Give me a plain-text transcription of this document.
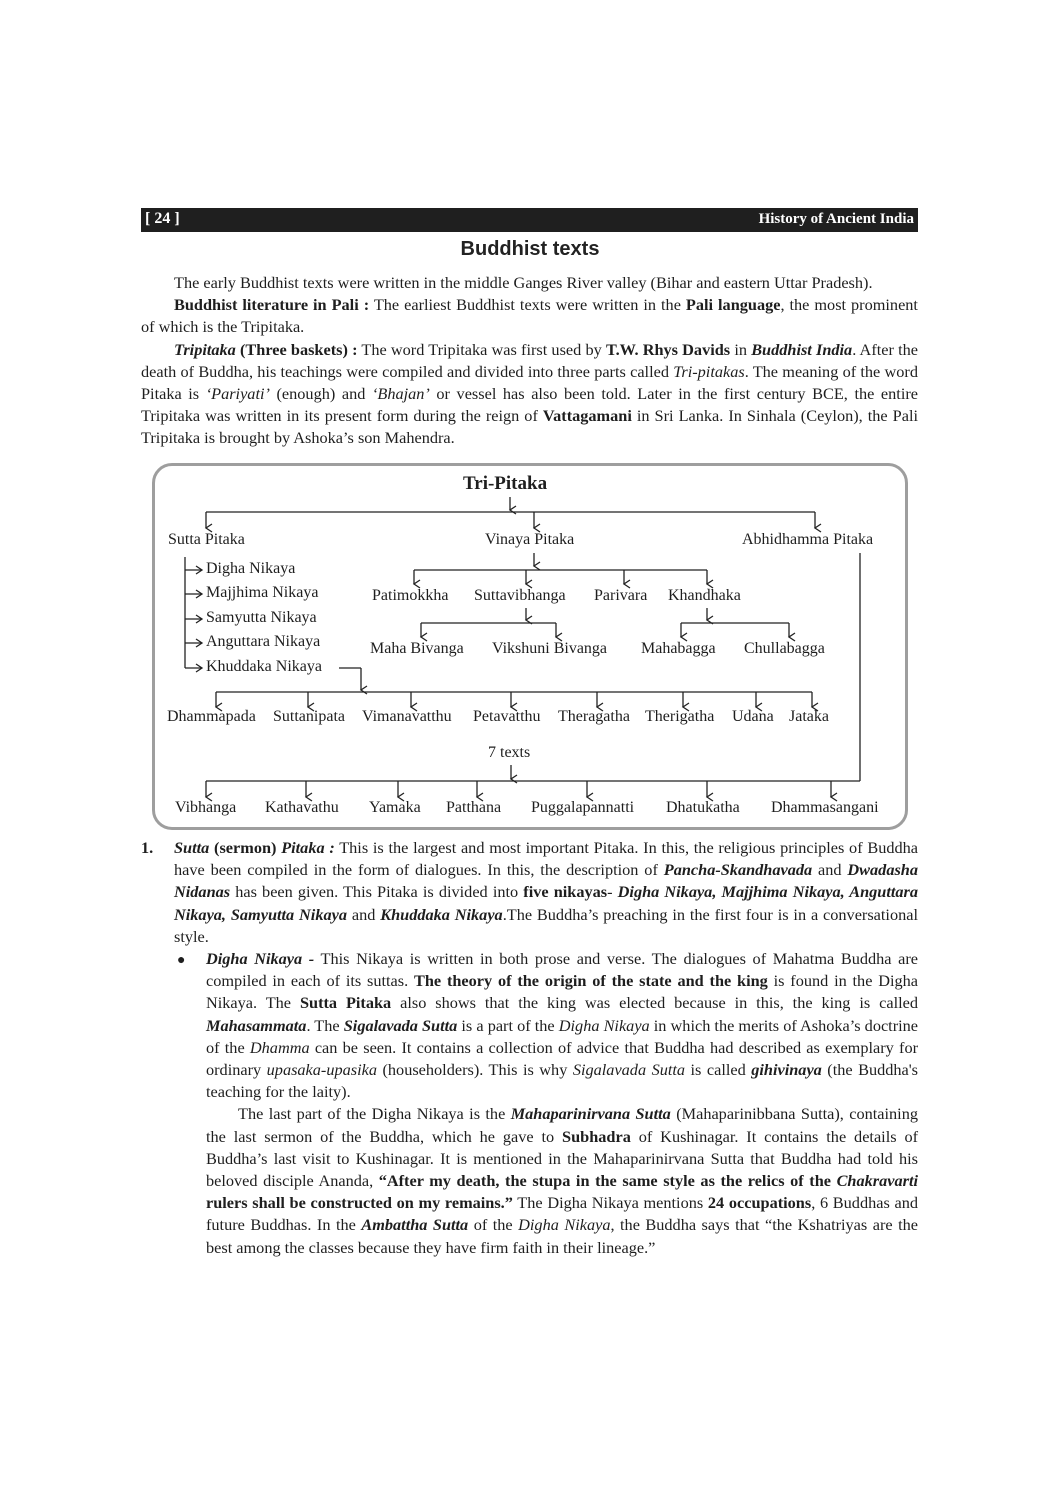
[ 24 ]	History of Ancient India
Buddhist texts

The early Buddhist texts were written in the middle Ganges River valley (Bihar and eastern Uttar Pradesh).

Buddhist literature in Pali : The earliest Buddhist texts were written in the Pali language, the most prominent of which is the Tripitaka.

Tripitaka (Three baskets) : The word Tripitaka was first used by T.W. Rhys Davids in Buddhist India. After the death of Buddha, his teachings were compiled and divided into three parts called Tri-pitakas. The meaning of the word Pitaka is ‘Pariyati’ (enough) and ‘Bhajan’ or vessel has also been told. Later in the first century BCE, the entire Tripitaka was written in its present form during the reign of Vattagamani in Sri Lanka. In Sinhala (Ceylon), the Pali Tripitaka is brought by Ashoka’s son Mahendra.

Tri-Pitaka
Sutta Pitaka	Vinaya Pitaka	Abhidhamma Pitaka
Digha Nikaya
Majjhima Nikaya
Samyutta Nikaya
Anguttara Nikaya
Khuddaka Nikaya
Patimokkha Suttavibhanga Parivara Khandhaka
Maha Bivanga Vikshuni Bivanga Mahabagga Chullabagga
Dhammapada Suttanipata Vimanavatthu Petavatthu Theragatha Therigatha Udana Jataka
7 texts
Vibhanga Kathavathu Yamaka Patthana Puggalapannatti Dhatukatha Dhammasangani
1. Sutta (sermon) Pitaka : This is the largest and most important Pitaka. In this, the religious principles of Buddha have been compiled in the form of dialogues. In this, the description of Pancha-Skandhavada and Dwadasha Nidanas has been given. This Pitaka is divided into five nikayas- Digha Nikaya, Majjhima Nikaya, Anguttara Nikaya, Samyutta Nikaya and Khuddaka Nikaya.The Buddha’s preaching in the first four is in a conversational style.

● Digha Nikaya - This Nikaya is written in both prose and verse. The dialogues of Mahatma Buddha are compiled in each of its suttas. The theory of the origin of the state and the king is found in the Digha Nikaya. The Sutta Pitaka also shows that the king was elected because in this, the king is called Mahasammata. The Sigalavada Sutta is a part of the Digha Nikaya in which the merits of Ashoka’s doctrine of the Dhamma can be seen. It contains a collection of advice that Buddha had described as exemplary for ordinary upasaka-upasika (householders). This is why Sigalavada Sutta is called gihivinaya (the Buddha's teaching for the laity).

The last part of the Digha Nikaya is the Mahaparinirvana Sutta (Mahaparinibbana Sutta), containing the last sermon of the Buddha, which he gave to Subhadra of Kushinagar. It contains the details of Buddha’s last visit to Kushinagar. It is mentioned in the Mahaparinirvana Sutta that Buddha had told his beloved disciple Ananda, “After my death, the stupa in the same style as the relics of the Chakravarti rulers shall be constructed on my remains.” The Digha Nikaya mentions 24 occupations, 6 Buddhas and future Buddhas. In the Ambattha Sutta of the Digha Nikaya, the Buddha says that “the Kshatriyas are the best among the classes because they have firm faith in their lineage.”
